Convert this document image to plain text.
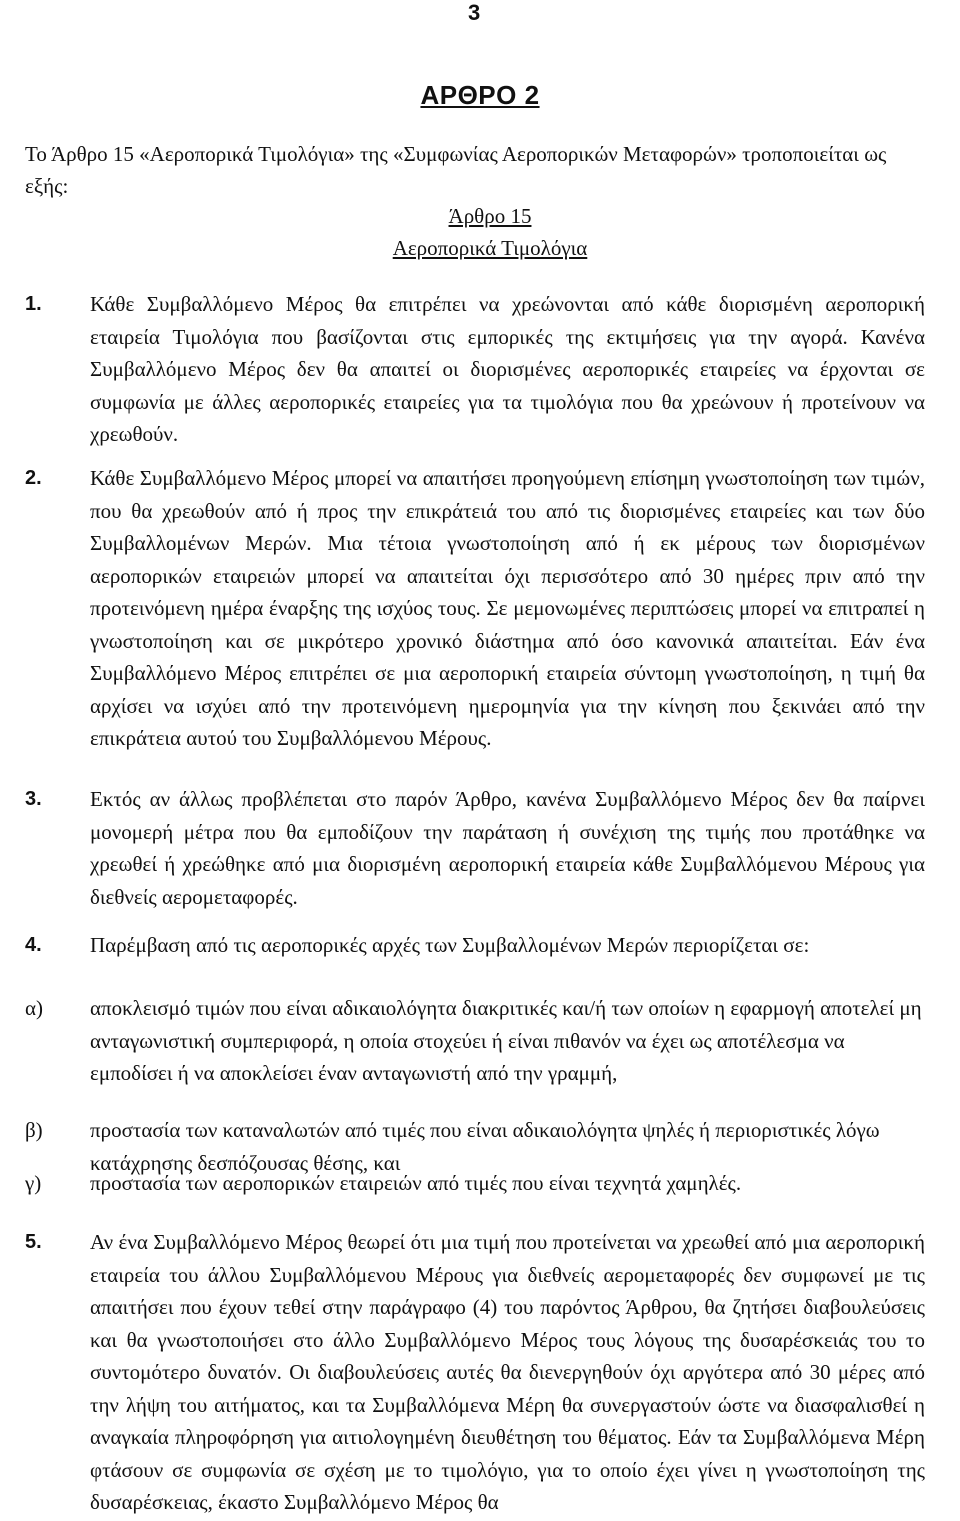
3
ΑΡΘΡΟ 2
Το Άρθρο 15 «Αεροπορικά Τιμολόγια» της «Συμφωνίας Αεροπορικών Μεταφορών» τροποποιείται ως εξής:
Άρθρο 15
Αεροπορικά Τιμολόγια
1. Κάθε Συμβαλλόμενο Μέρος θα επιτρέπει να χρεώνονται από κάθε διορισμένη αεροπορική εταιρεία Τιμολόγια που βασίζονται στις εμπορικές της εκτιμήσεις για την αγορά. Κανένα Συμβαλλόμενο Μέρος δεν θα απαιτεί οι διορισμένες αεροπορικές εταιρείες να έρχονται σε συμφωνία με άλλες αεροπορικές εταιρείες για τα τιμολόγια που θα χρεώνουν ή προτείνουν να χρεωθούν.
2. Κάθε Συμβαλλόμενο Μέρος μπορεί να απαιτήσει προηγούμενη επίσημη γνωστοποίηση των τιμών, που θα χρεωθούν από ή προς την επικράτειά του από τις διορισμένες εταιρείες και των δύο Συμβαλλομένων Μερών. Μια τέτοια γνωστοποίηση από ή εκ μέρους των διορισμένων αεροπορικών εταιρειών μπορεί να απαιτείται όχι περισσότερο από 30 ημέρες πριν από την προτεινόμενη ημέρα έναρξης της ισχύος τους. Σε μεμονωμένες περιπτώσεις μπορεί να επιτραπεί η γνωστοποίηση και σε μικρότερο χρονικό διάστημα από όσο κανονικά απαιτείται. Εάν ένα Συμβαλλόμενο Μέρος επιτρέπει σε μια αεροπορική εταιρεία σύντομη γνωστοποίηση, η τιμή θα αρχίσει να ισχύει από την προτεινόμενη ημερομηνία για την κίνηση που ξεκινάει από την επικράτεια αυτού του Συμβαλλόμενου Μέρους.
3. Εκτός αν άλλως προβλέπεται στο παρόν Άρθρο, κανένα Συμβαλλόμενο Μέρος δεν θα παίρνει μονομερή μέτρα που θα εμποδίζουν την παράταση ή συνέχιση της τιμής που προτάθηκε να χρεωθεί ή χρεώθηκε από μια διορισμένη αεροπορική εταιρεία κάθε Συμβαλλόμενου Μέρους για διεθνείς αερομεταφορές.
4. Παρέμβαση από τις αεροπορικές αρχές των Συμβαλλομένων Μερών περιορίζεται σε:
α) αποκλεισμό τιμών που είναι αδικαιολόγητα διακριτικές και/ή των οποίων η εφαρμογή αποτελεί μη ανταγωνιστική συμπεριφορά, η οποία στοχεύει ή είναι πιθανόν να έχει ως αποτέλεσμα να εμποδίσει ή να αποκλείσει έναν ανταγωνιστή από την γραμμή,
β) προστασία των καταναλωτών από τιμές που είναι αδικαιολόγητα ψηλές ή περιοριστικές λόγω κατάχρησης δεσπόζουσας θέσης, και
γ) προστασία των αεροπορικών εταιρειών από τιμές που είναι τεχνητά χαμηλές.
5. Αν ένα Συμβαλλόμενο Μέρος θεωρεί ότι μια τιμή που προτείνεται να χρεωθεί από μια αεροπορική εταιρεία του άλλου Συμβαλλόμενου Μέρους για διεθνείς αερομεταφορές δεν συμφωνεί με τις απαιτήσει που έχουν τεθεί στην παράγραφο (4) του παρόντος Άρθρου, θα ζητήσει διαβουλεύσεις και θα γνωστοποιήσει στο άλλο Συμβαλλόμενο Μέρος τους λόγους της δυσαρέσκειάς του το συντομότερο δυνατόν. Οι διαβουλεύσεις αυτές θα διενεργηθούν όχι αργότερα από 30 μέρες από την λήψη του αιτήματος, και τα Συμβαλλόμενα Μέρη θα συνεργαστούν ώστε να διασφαλισθεί η αναγκαία πληροφόρηση για αιτιολογημένη διευθέτηση του θέματος. Εάν τα Συμβαλλόμενα Μέρη φτάσουν σε συμφωνία σε σχέση με το τιμολόγιο, για το οποίο έχει γίνει η γνωστοποίηση της δυσαρέσκειας, έκαστο Συμβαλλόμενο Μέρος θα
